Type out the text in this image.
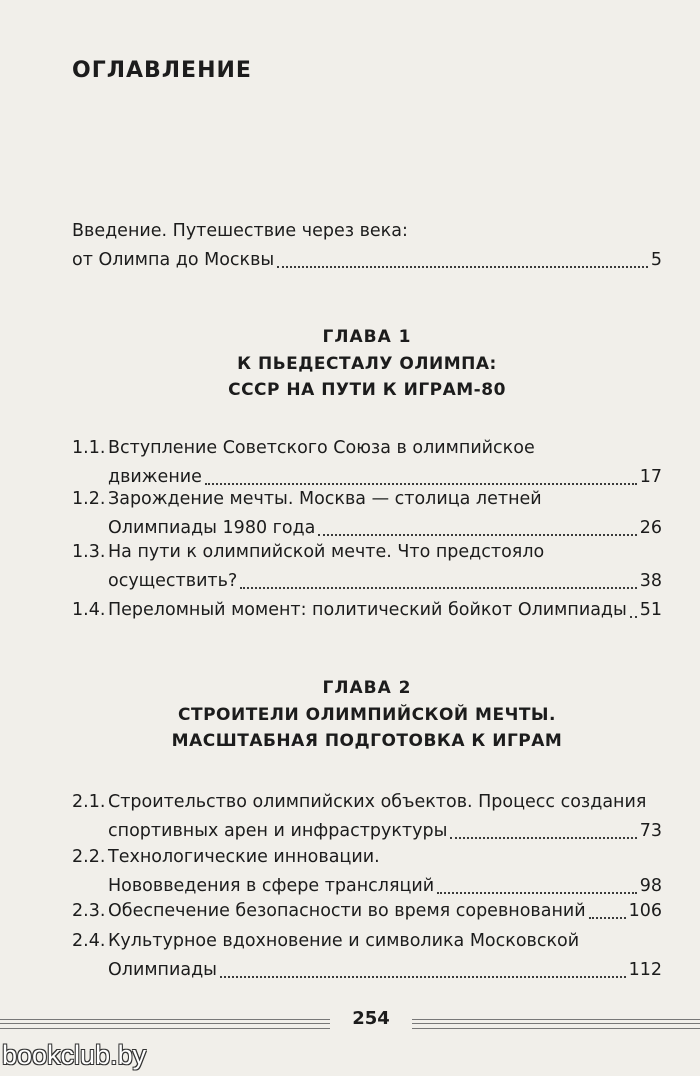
ОГЛАВЛЕНИЕ
Введение. Путешествие через века:
от Олимпа до Москвы	5
ГЛАВА 1
К ПЬЕДЕСТАЛУ ОЛИМПА:
СССР НА ПУТИ К ИГРАМ-80
1.1. Вступление Советского Союза в олимпийское
движение	17
1.2. Зарождение мечты. Москва — столица летней
Олимпиады 1980 года	26
1.3. На пути к олимпийской мечте. Что предстояло
осуществить?	38
1.4. Переломный момент: политический бойкот Олимпиады 51
ГЛАВА 2
СТРОИТЕЛИ ОЛИМПИЙСКОЙ МЕЧТЫ.
МАСШТАБНАЯ ПОДГОТОВКА К ИГРАМ
2.1. Строительство олимпийских объектов. Процесс создания
спортивных арен и инфраструктуры	73
2.2. Технологические инновации.
Нововведения в сфере трансляций	98
2.3. Обеспечение безопасности во время соревнований 106
2.4. Культурное вдохновение и символика Московской
Олимпиады	112
254
bookclub.by
